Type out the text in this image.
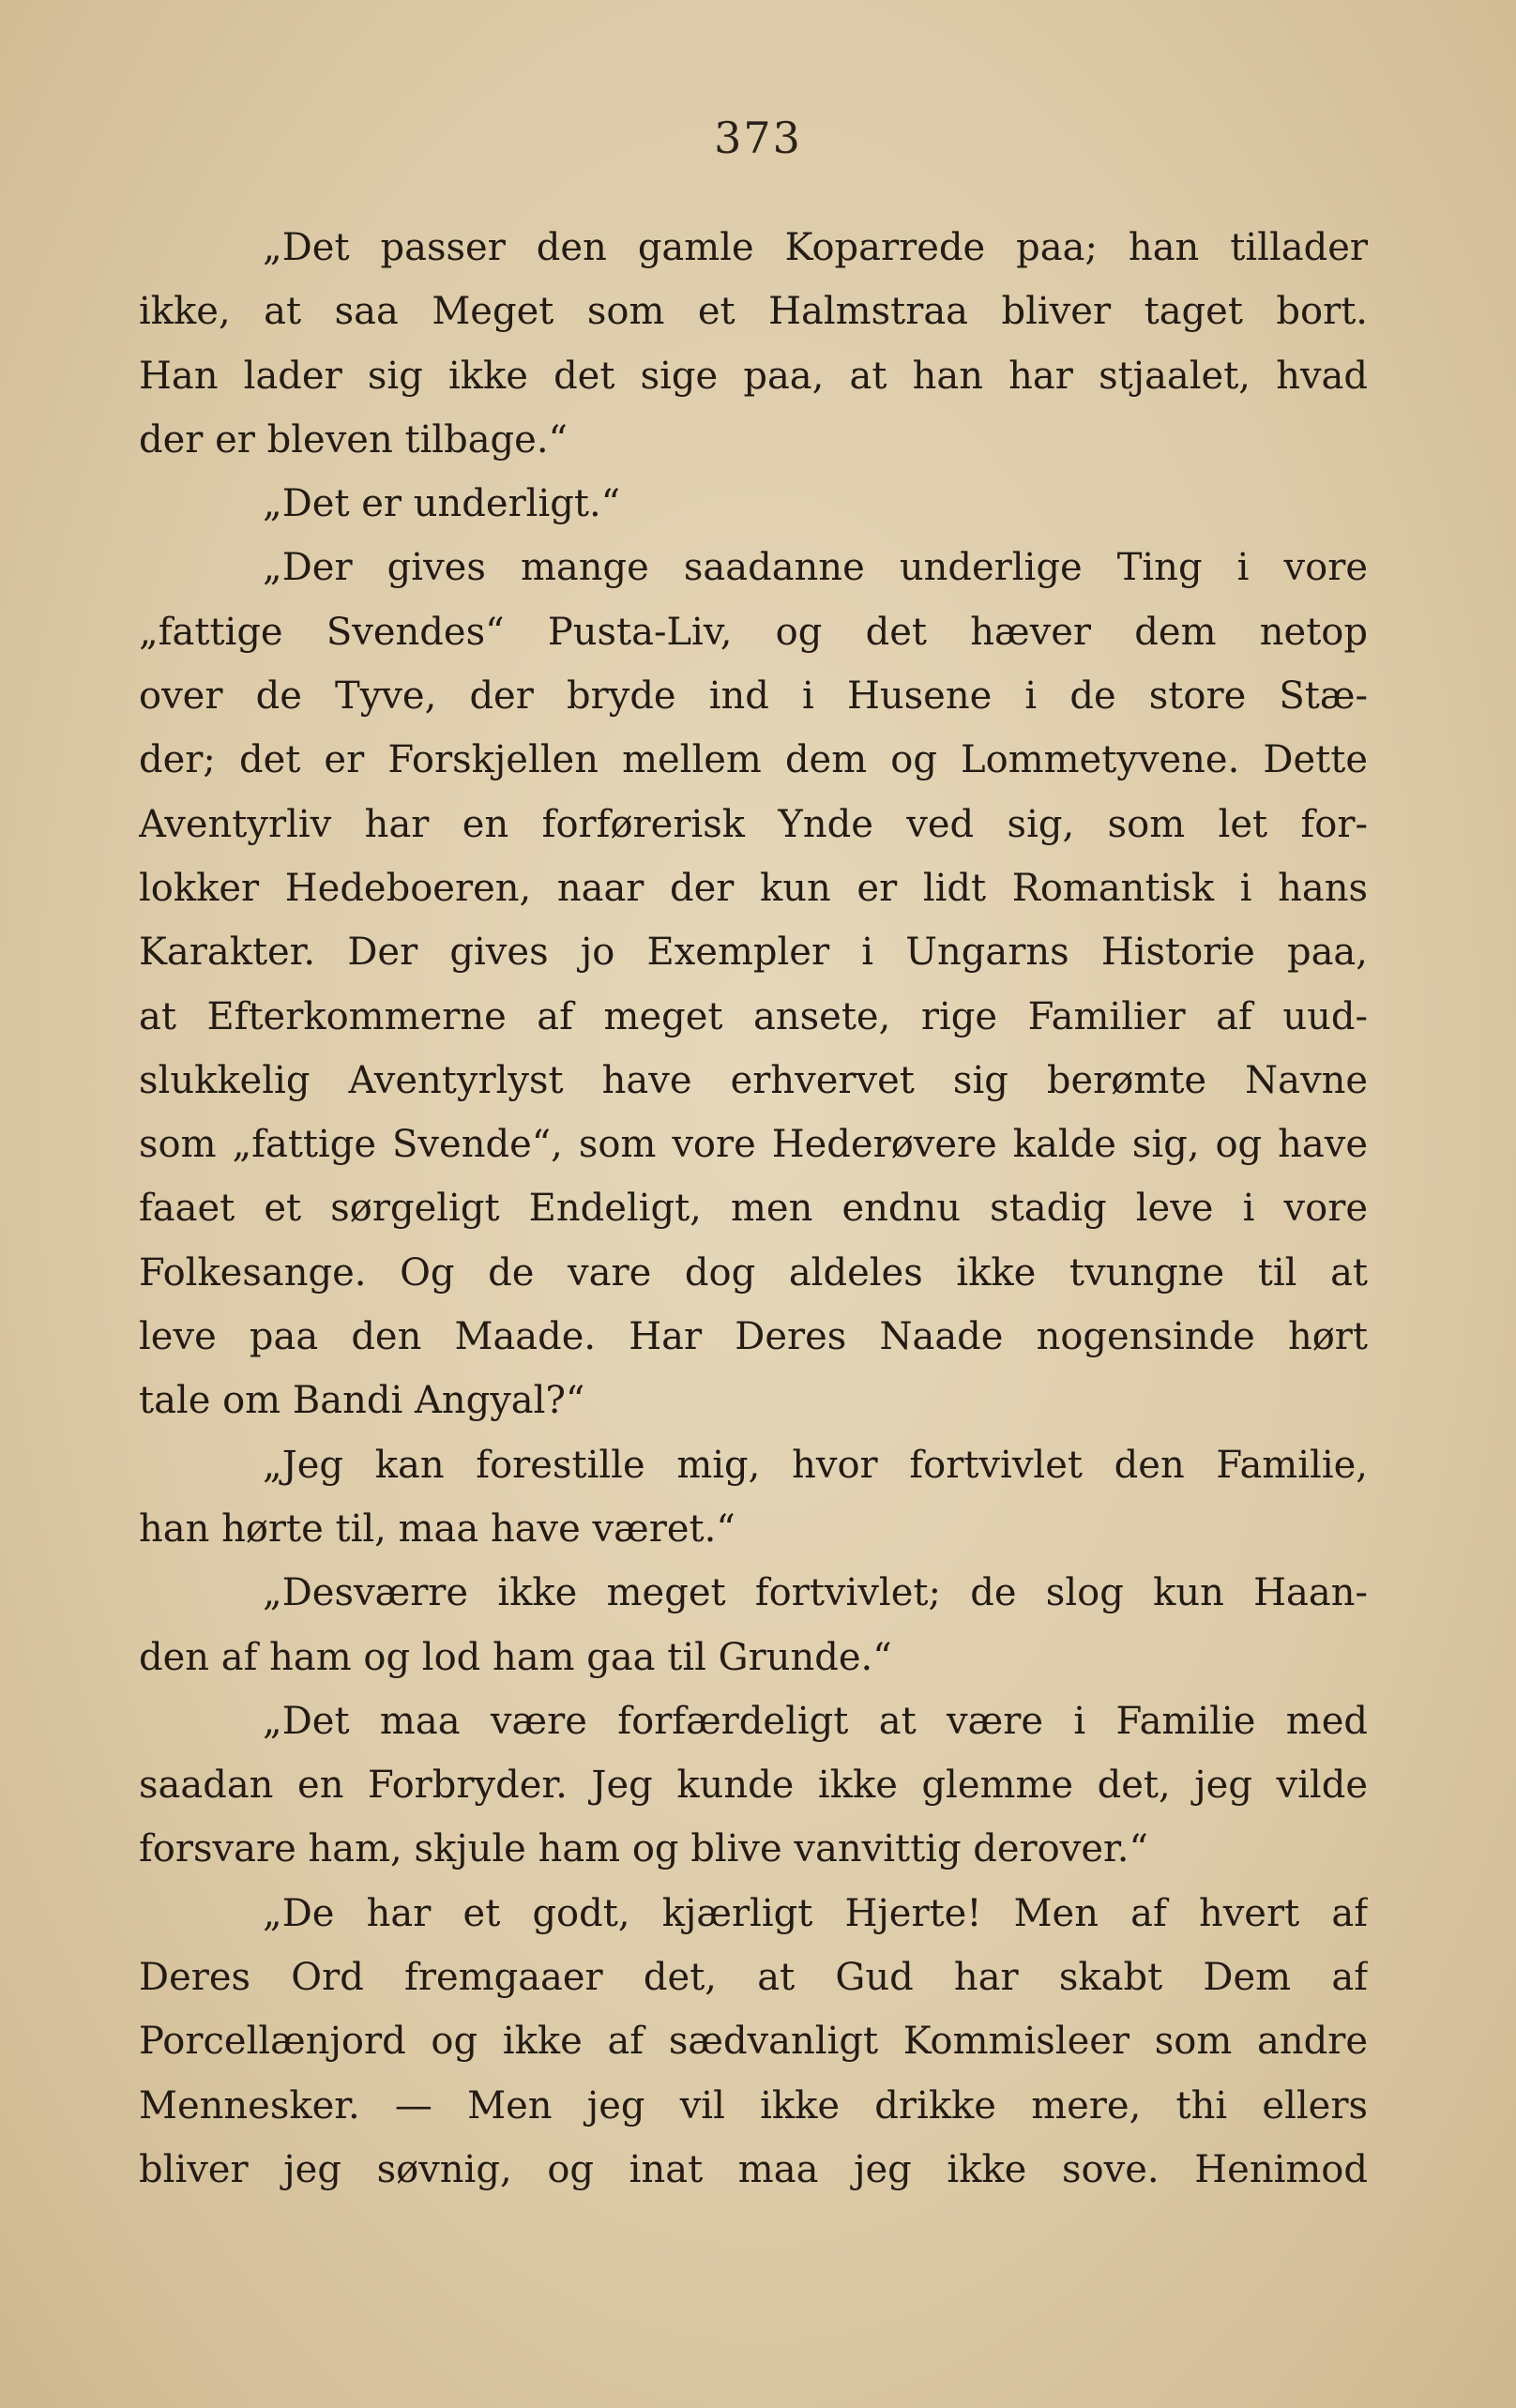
373
„Det passer den gamle Koparrede paa; han tillader
ikke, at saa Meget som et Halmstraa bliver taget bort.
Han lader sig ikke det sige paa, at han har stjaalet, hvad
der er bleven tilbage.“
„Det er underligt.“
„Der gives mange saadanne underlige Ting i vore
„fattige Svendes“ Pusta-Liv, og det hæver dem netop
over de Tyve, der bryde ind i Husene i de store Stæ-
der; det er Forskjellen mellem dem og Lommetyvene. Dette
Aventyrliv har en forførerisk Ynde ved sig, som let for-
lokker Hedeboeren, naar der kun er lidt Romantisk i hans
Karakter. Der gives jo Exempler i Ungarns Historie paa,
at Efterkommerne af meget ansete, rige Familier af uud-
slukkelig Aventyrlyst have erhvervet sig berømte Navne
som „fattige Svende“, som vore Hederøvere kalde sig, og have
faaet et sørgeligt Endeligt, men endnu stadig leve i vore
Folkesange. Og de vare dog aldeles ikke tvungne til at
leve paa den Maade. Har Deres Naade nogensinde hørt
tale om Bandi Angyal?“
„Jeg kan forestille mig, hvor fortvivlet den Familie,
han hørte til, maa have været.“
„Desværre ikke meget fortvivlet; de slog kun Haan-
den af ham og lod ham gaa til Grunde.“
„Det maa være forfærdeligt at være i Familie med
saadan en Forbryder. Jeg kunde ikke glemme det, jeg vilde
forsvare ham, skjule ham og blive vanvittig derover.“
„De har et godt, kjærligt Hjerte! Men af hvert af
Deres Ord fremgaaer det, at Gud har skabt Dem af
Porcellænjord og ikke af sædvanligt Kommisleer som andre
Mennesker. — Men jeg vil ikke drikke mere, thi ellers
bliver jeg søvnig, og inat maa jeg ikke sove. Henimod
